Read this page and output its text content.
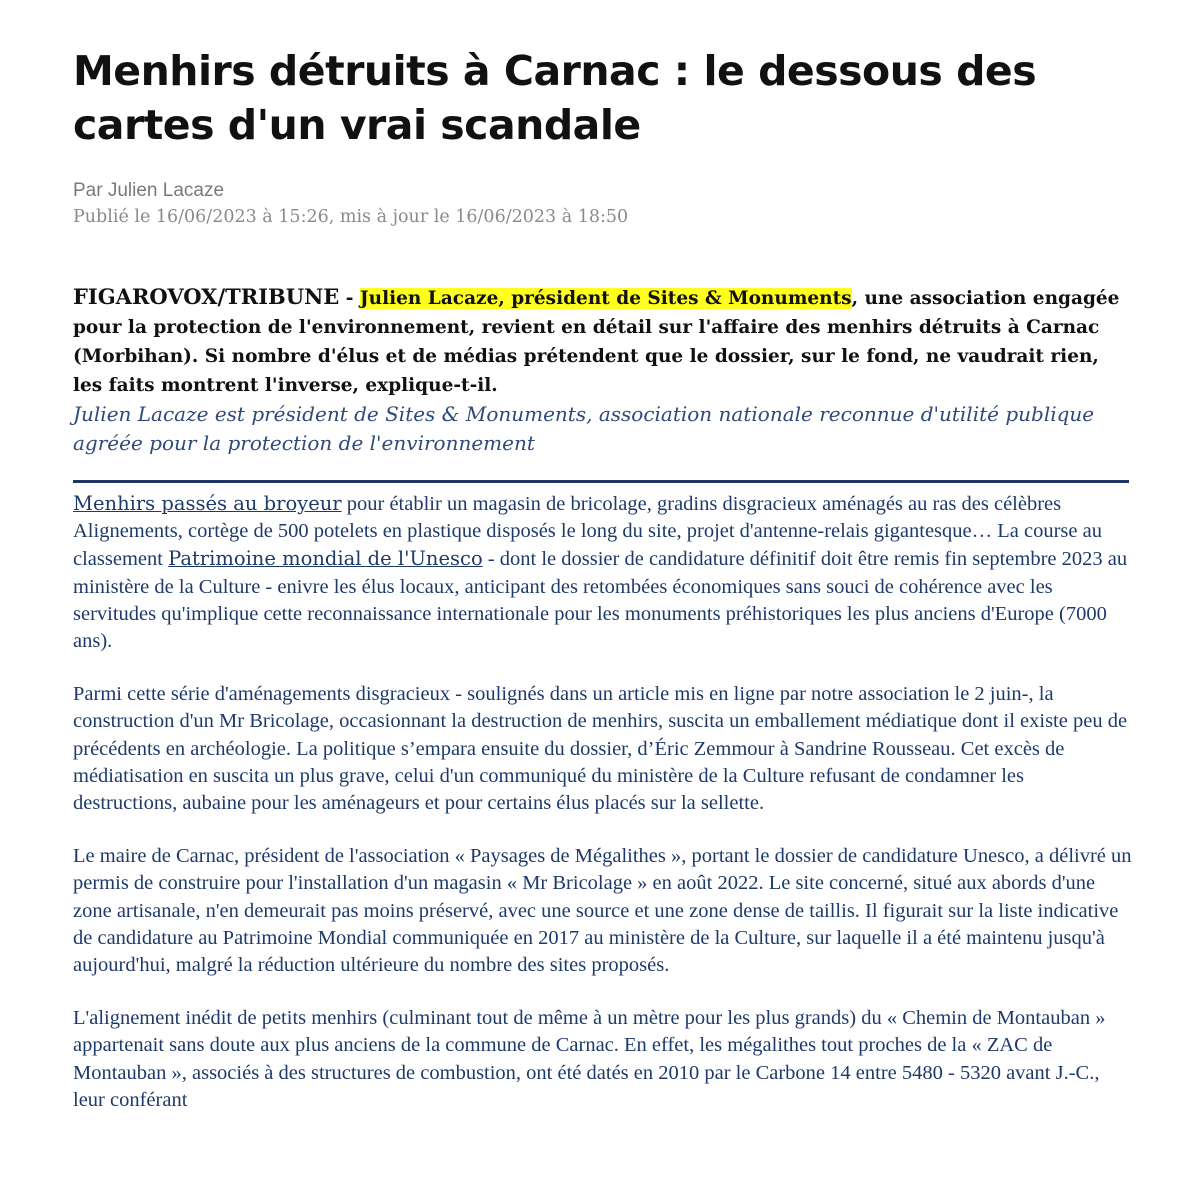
Menhirs détruits à Carnac : le dessous des cartes d'un vrai scandale
Par Julien Lacaze
Publié le 16/06/2023 à 15:26, mis à jour le 16/06/2023 à 18:50

FIGAROVOX/TRIBUNE - Julien Lacaze, président de Sites & Monuments, une association engagée pour la protection de l'environnement, revient en détail sur l'affaire des menhirs détruits à Carnac (Morbihan). Si nombre d'élus et de médias prétendent que le dossier, sur le fond, ne vaudrait rien, les faits montrent l'inverse, explique-t-il.

Julien Lacaze est président de Sites & Monuments, association nationale reconnue d'utilité publique agréée pour la protection de l'environnement

Menhirs passés au broyeur pour établir un magasin de bricolage, gradins disgracieux aménagés au ras des célèbres Alignements, cortège de 500 potelets en plastique disposés le long du site, projet d'antenne-relais gigantesque… La course au classement Patrimoine mondial de l'Unesco - dont le dossier de candidature définitif doit être remis fin septembre 2023 au ministère de la Culture - enivre les élus locaux, anticipant des retombées économiques sans souci de cohérence avec les servitudes qu'implique cette reconnaissance internationale pour les monuments préhistoriques les plus anciens d'Europe (7000 ans).

Parmi cette série d'aménagements disgracieux - soulignés dans un article mis en ligne par notre association le 2 juin-, la construction d'un Mr Bricolage, occasionnant la destruction de menhirs, suscita un emballement médiatique dont il existe peu de précédents en archéologie. La politique s’empara ensuite du dossier, d’Éric Zemmour à Sandrine Rousseau. Cet excès de médiatisation en suscita un plus grave, celui d'un communiqué du ministère de la Culture refusant de condamner les destructions, aubaine pour les aménageurs et pour certains élus placés sur la sellette.

Le maire de Carnac, président de l'association « Paysages de Mégalithes », portant le dossier de candidature Unesco, a délivré un permis de construire pour l'installation d'un magasin « Mr Bricolage » en août 2022. Le site concerné, situé aux abords d'une zone artisanale, n'en demeurait pas moins préservé, avec une source et une zone dense de taillis. Il figurait sur la liste indicative de candidature au Patrimoine Mondial communiquée en 2017 au ministère de la Culture, sur laquelle il a été maintenu jusqu'à aujourd'hui, malgré la réduction ultérieure du nombre des sites proposés.

L'alignement inédit de petits menhirs (culminant tout de même à un mètre pour les plus grands) du « Chemin de Montauban » appartenait sans doute aux plus anciens de la commune de Carnac. En effet, les mégalithes tout proches de la « ZAC de Montauban », associés à des structures de combustion, ont été datés en 2010 par le Carbone 14 entre 5480 - 5320 avant J.-C., leur conférant
